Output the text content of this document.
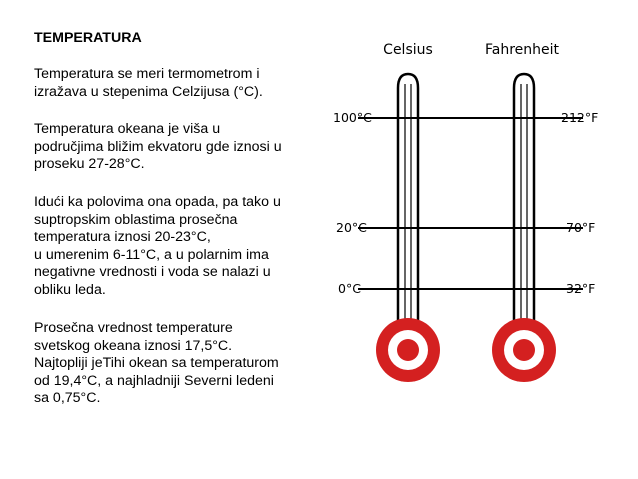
TEMPERATURA

Temperatura se meri termometrom i

izražava u stepenima Celzijusa (°C).

Temperatura okeana je viša u

područjima bližim ekvatoru gde iznosi u

proseku 27-28°C.

Idući ka polovima ona opada, pa tako u

suptropskim oblastima prosečna

temperatura iznosi 20-23°C,

u umerenim 6-11°C, a u polarnim ima

negativne vrednosti i voda se nalazi u

obliku leda.

Prosečna vrednost temperature

svetskog okeana iznosi 17,5°C.

Najtopliji jeTihi okean sa temperaturom

od 19,4°C, a najhladniji Severni ledeni

sa 0,75°C.

Celsius	Fahrenheit
100°C
20°C
0°C
212°F
70°F
32°F
